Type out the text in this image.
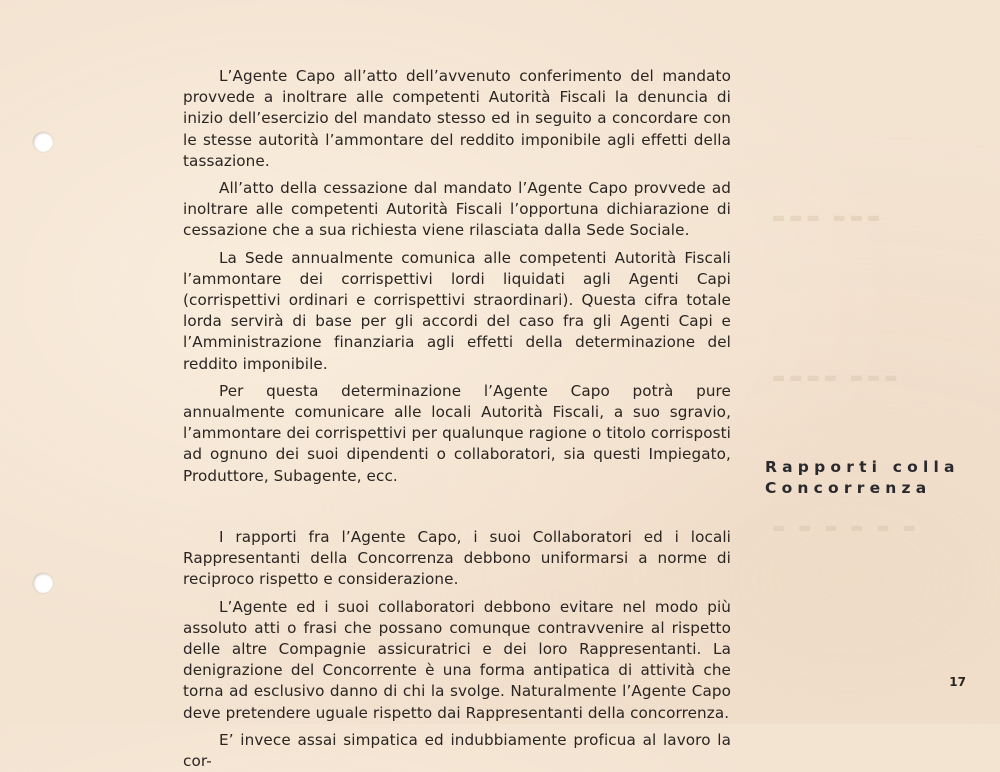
▬▬▬ ▬▬▬
▬▬▬▬ ▬▬▬
▬ ▬ ▬ ▬ ▬ ▬

L’Agente Capo all’atto dell’avvenuto conferimento del mandato provvede a inoltrare alle competenti Autorità Fiscali la denuncia di inizio dell’esercizio del mandato stesso ed in seguito a concordare con le stesse autorità l’ammontare del reddito imponibile agli effetti della tassazione.

All’atto della cessazione dal mandato l’Agente Capo provvede ad inoltrare alle competenti Autorità Fiscali l’opportuna dichiarazione di cessazione che a sua richiesta viene rilasciata dalla Sede Sociale.

La Sede annualmente comunica alle competenti Autorità Fiscali l’ammontare dei corrispettivi lordi liquidati agli Agenti Capi (corrispettivi ordinari e corrispettivi straordinari). Questa cifra totale lorda servirà di base per gli accordi del caso fra gli Agenti Capi e l’Amministrazione finanziaria agli effetti della determinazione del reddito imponibile.

Per questa determinazione l’Agente Capo potrà pure annualmente comunicare alle locali Autorità Fiscali, a suo sgravio, l’ammontare dei corrispettivi per qualunque ragione o titolo corrisposti ad ognuno dei suoi dipendenti o collaboratori, sia questi Impiegato, Produttore, Subagente, ecc.

I rapporti fra l’Agente Capo, i suoi Collaboratori ed i locali Rappresentanti della Concorrenza debbono uniformarsi a norme di reciproco rispetto e considerazione.

L’Agente ed i suoi collaboratori debbono evitare nel modo più assoluto atti o frasi che possano comunque contravvenire al rispetto delle altre Compagnie assicuratrici e dei loro Rappresentanti. La denigrazione del Concorrente è una forma antipatica di attività che torna ad esclusivo danno di chi la svolge. Naturalmente l’Agente Capo deve pretendere uguale rispetto dai Rappresentanti della concorrenza.

E’ invece assai simpatica ed indubbiamente proficua al lavoro la cor-

Rapporti colla
Concorrenza
17
